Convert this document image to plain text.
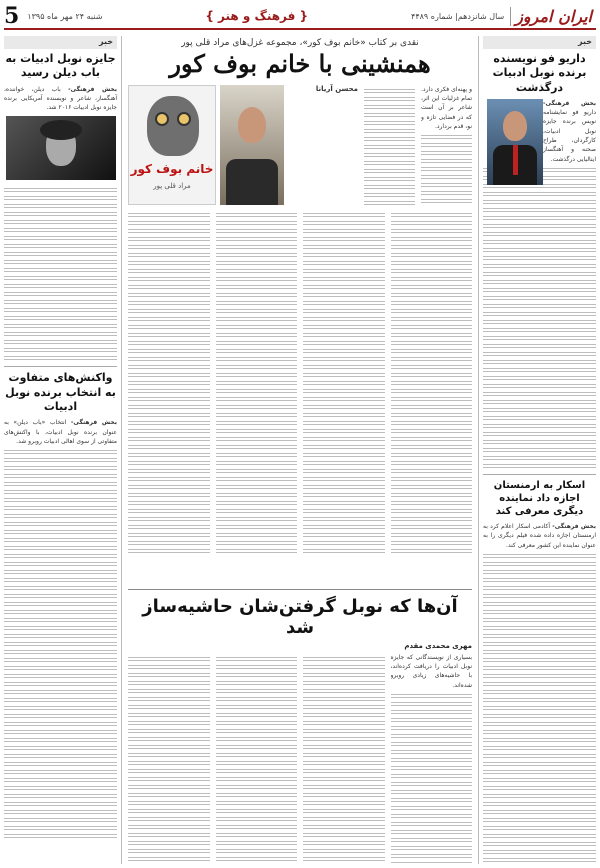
ایران امروز
سال شانزدهم| شماره ۴۴۸۹
{ فرهنگ و هنر }
شنبه ۲۴ مهر ماه ۱۳۹۵
5
خبر
داریو فو نویسنده برنده نوبل ادبیات درگذشت

بخش فرهنگی- داریو فو نمایشنامه نویس برنده جایزه نوبل ادبیات، کارگردان، طراح صحنه و آهنگساز ایتالیایی درگذشت.

اسکار به ارمنستان اجازه داد نماینده دیگری معرفی کند

بخش فرهنگی- آکادمی اسکار اعلام کرد به ارمنستان اجازه داده شده فیلم دیگری را به عنوان نماینده این کشور معرفی کند.

خبر
جایزه نوبل ادبیات به باب دیلن رسید

بخش فرهنگی- باب دیلن، خواننده، آهنگساز، شاعر و نویسنده آمریکایی برنده جایزه نوبل ادبیات ۲۰۱۶ شد.

واکنش‌های متفاوت به انتخاب برنده نوبل ادبیات

بخش فرهنگی- انتخاب «باب دیلن» به عنوان برنده نوبل ادبیات، با واکنش‌های متفاوتی از سوی اهالی ادبیات روبرو شد.

نقدی بر کتاب «خانم بوف کور»، مجموعه غزل‌های مراد قلی پور
همنشینی با خانم بوف کور
خانم بوف کور
مراد قلی پور
محسن آریانا	و پهنه‌ای فکری دارد. تمام غزلیات این اثر، شاعر بر آن است که در فضایی تازه و نو، قدم بردارد.

آن‌ها که نوبل گرفتن‌شان حاشیه‌ساز شد
مهری محمدی مقدم

بسیاری از نویسندگانی که جایزه نوبل ادبیات را دریافت کرده‌اند، با حاشیه‌های زیادی روبرو شده‌اند.
